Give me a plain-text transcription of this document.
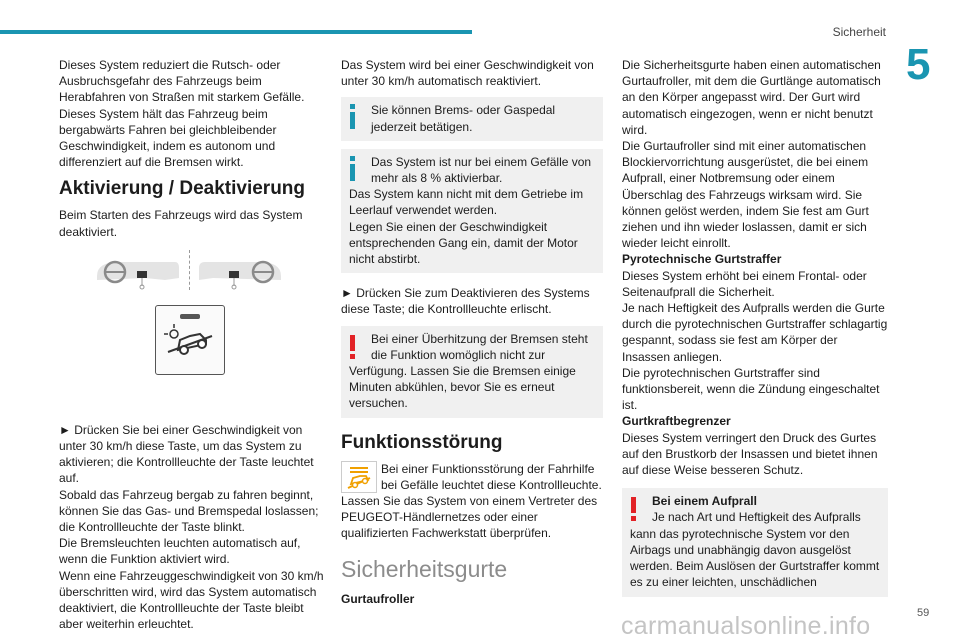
Sicherheit
5

Dieses System reduziert die Rutsch- oder Ausbruchsgefahr des Fahrzeugs beim Herabfahren von Straßen mit starkem Gefälle.

Dieses System hält das Fahrzeug beim bergabwärts Fahren bei gleichbleibender Geschwindigkeit, indem es autonom und differenziert auf die Bremsen wirkt.

Aktivierung / Deaktivierung

Beim Starten des Fahrzeugs wird das System deaktiviert.

► Drücken Sie bei einer Geschwindigkeit von unter 30 km/h diese Taste, um das System zu aktivieren; die Kontrollleuchte der Taste leuchtet auf.

Sobald das Fahrzeug bergab zu fahren beginnt, können Sie das Gas- und Bremspedal loslassen; die Kontrollleuchte der Taste blinkt.

Die Bremsleuchten leuchten automatisch auf, wenn die Funktion aktiviert wird.

Wenn eine Fahrzeuggeschwindigkeit von 30 km/h überschritten wird, wird das System automatisch deaktiviert, die Kontrollleuchte der Taste bleibt aber weiterhin erleuchtet.

Das System wird bei einer Geschwindigkeit von unter 30 km/h automatisch reaktiviert.

Sie können Brems- oder Gaspedal jederzeit betätigen.

Das System ist nur bei einem Gefälle von mehr als 8 % aktivierbar.

Das System kann nicht mit dem Getriebe im Leerlauf verwendet werden.

Legen Sie einen der Geschwindigkeit entsprechenden Gang ein, damit der Motor nicht abstirbt.

► Drücken Sie zum Deaktivieren des Systems diese Taste; die Kontrollleuchte erlischt.

Bei einer Überhitzung der Bremsen steht die Funktion womöglich nicht zur

Verfügung. Lassen Sie die Bremsen einige Minuten abkühlen, bevor Sie es erneut versuchen.

Funktionsstörung

Bei einer Funktionsstörung der Fahrhilfe bei Gefälle leuchtet diese Kontrollleuchte.

Lassen Sie das System von einem Vertreter des PEUGEOT-Händlernetzes oder einer qualifizierten Fachwerkstatt überprüfen.

Sicherheitsgurte

Gurtaufroller

Die Sicherheitsgurte haben einen automatischen Gurtaufroller, mit dem die Gurtlänge automatisch an den Körper angepasst wird. Der Gurt wird automatisch eingezogen, wenn er nicht benutzt wird.

Die Gurtaufroller sind mit einer automatischen Blockiervorrichtung ausgerüstet, die bei einem Aufprall, einer Notbremsung oder einem Überschlag des Fahrzeugs wirksam wird. Sie können gelöst werden, indem Sie fest am Gurt ziehen und ihn wieder loslassen, damit er sich wieder leicht einrollt.

Pyrotechnische Gurtstraffer

Dieses System erhöht bei einem Frontal- oder Seitenaufprall die Sicherheit.

Je nach Heftigkeit des Aufpralls werden die Gurte durch die pyrotechnischen Gurtstraffer schlagartig gespannt, sodass sie fest am Körper der Insassen anliegen.

Die pyrotechnischen Gurtstraffer sind funktionsbereit, wenn die Zündung eingeschaltet ist.

Gurtkraftbegrenzer

Dieses System verringert den Druck des Gurtes auf den Brustkorb der Insassen und bietet ihnen auf diese Weise besseren Schutz.

Bei einem Aufprall

Je nach Art und Heftigkeit des Aufpralls

kann das pyrotechnische System vor den Airbags und unabhängig davon ausgelöst werden. Beim Auslösen der Gurtstraffer kommt es zu einer leichten, unschädlichen

carmanualsonline.info	59
